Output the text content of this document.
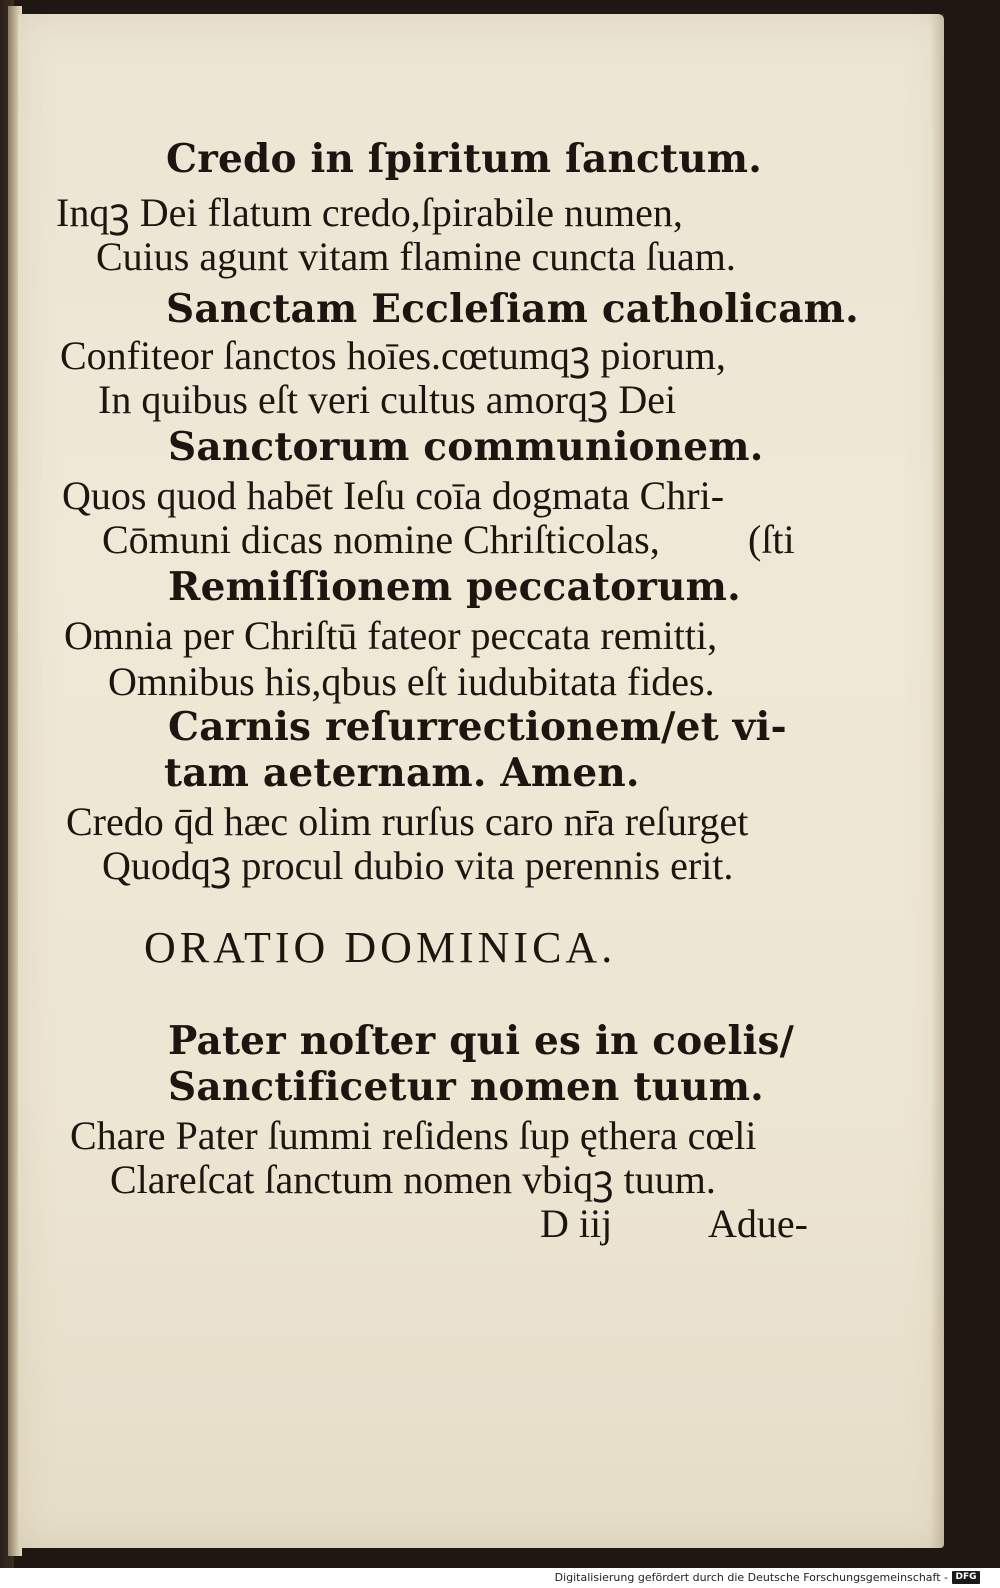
Credo in ſpiritum ſanctum.
Inqꝫ Dei flatum credo,ſpirabile numen,
Cuius agunt vitam flamine cuncta ſuam.
Sanctam Eccleſiam catholicam.
Confiteor ſanctos hoīes.cœtumqꝫ piorum,
In quibus eſt veri cultus amorqꝫ Dei
Sanctorum communionem.
Quos quod habēt Ieſu coīa dogmata Chri-
Cōmuni dicas nomine Chriſticolas, (ſti
Remiſſionem peccatorum.
Omnia per Chriſtū fateor peccata remitti,
Omnibus his,qbus eſt iudubitata fides.
Carnis reſurrectionem/et vi-
tam aeternam. Amen.
Credo q̄d hæc olim rurſus caro nr̄a reſurget
Quodqꝫ procul dubio vita perennis erit.
ORATIO DOMINICA.
Pater noſter qui es in coelis/
Sanctificetur nomen tuum.
Chare Pater ſummi reſidens ſup ęthera cœli
Clareſcat ſanctum nomen vbiqꝫ tuum.
D iij Adue-
Digitalisierung gefördert durch die Deutsche Forschungsgemeinschaft - DFG
